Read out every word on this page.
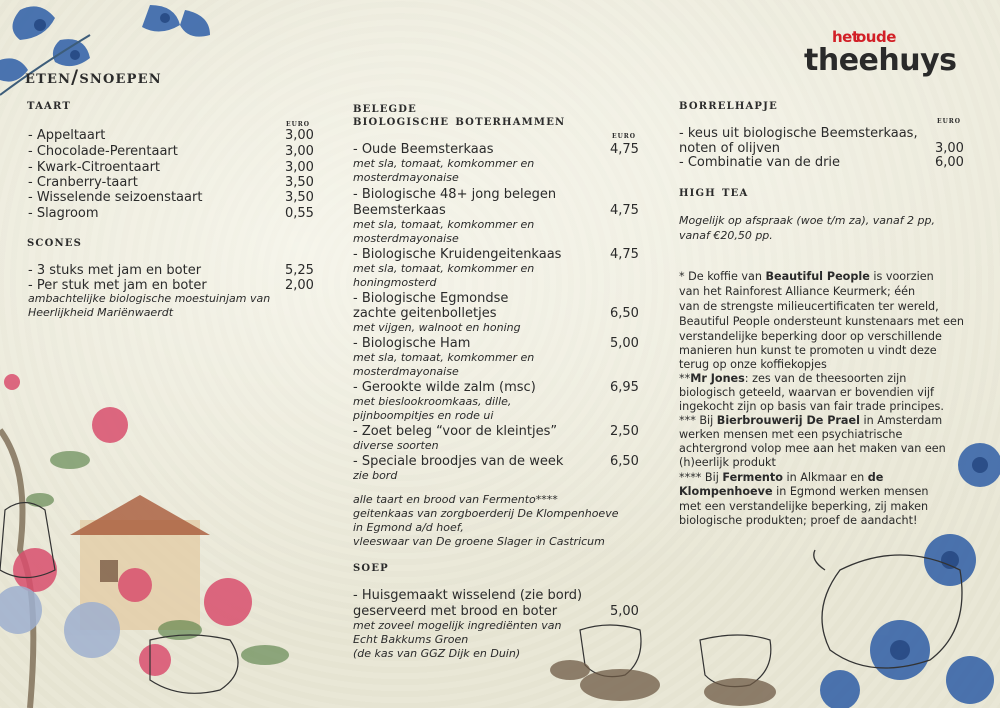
het
oude
theehuys
eten/snoepen
taart
euro
- Appeltaart	3,00
- Chocolade-Perentaart	3,00
- Kwark-Citroentaart	3,00
- Cranberry-taart	3,50
- Wisselende seizoenstaart	3,50
- Slagroom	0,55
scones
- 3 stuks met jam en boter	5,25
- Per stuk met jam en boter	2,00
ambachtelijke biologische moestuinjam van
Heerlijkheid Mariënwaerdt
belegde
biologische boterhammen
euro
- Oude Beemsterkaas	4,75
met sla, tomaat, komkommer en
mosterdmayonaise
- Biologische 48+ jong belegen
Beemsterkaas	4,75
met sla, tomaat, komkommer en
mosterdmayonaise
- Biologische Kruidengeitenkaas	4,75
met sla, tomaat, komkommer en
honingmosterd
- Biologische Egmondse
zachte geitenbolletjes	6,50
met vijgen, walnoot en honing
- Biologische Ham	5,00
met sla, tomaat, komkommer en
mosterdmayonaise
- Gerookte wilde zalm (msc)	6,95
met bieslookroomkaas, dille,
pijnboompitjes en rode ui
- Zoet beleg “voor de kleintjes”	2,50
diverse soorten
- Speciale broodjes van de week	6,50
zie bord
alle taart en brood van Fermento****
geitenkaas van zorgboerderij De Klompenhoeve
in Egmond a/d hoef,
vleeswaar van De groene Slager in Castricum
soep
- Huisgemaakt wisselend (zie bord)
geserveerd met brood en boter	5,00
met zoveel mogelijk ingrediënten van
Echt Bakkums Groen
(de kas van GGZ Dijk en Duin)
borrelhapje
euro
- keus uit biologische Beemsterkaas,
noten of olijven	3,00
- Combinatie van de drie	6,00
high tea
Mogelijk op afspraak (woe t/m za), vanaf 2 pp,
vanaf €20,50 pp.
* De koffie van Beautiful People is voorzien
van het Rainforest Alliance Keurmerk; één
van de strengste milieucertificaten ter wereld,
Beautiful People ondersteunt kunstenaars met een
verstandelijke beperking door op verschillende
manieren hun kunst te promoten u vindt deze
terug op onze koffiekopjes
**Mr Jones: zes van de theesoorten zijn
biologisch geteeld, waarvan er bovendien vijf
ingekocht zijn op basis van fair trade principes.
*** Bij Bierbrouwerij De Prael in Amsterdam
werken mensen met een psychiatrische
achtergrond volop mee aan het maken van een
(h)eerlijk produkt
**** Bij Fermento in Alkmaar en de
Klompenhoeve in Egmond werken mensen
met een verstandelijke beperking, zij maken
biologische produkten; proef de aandacht!
